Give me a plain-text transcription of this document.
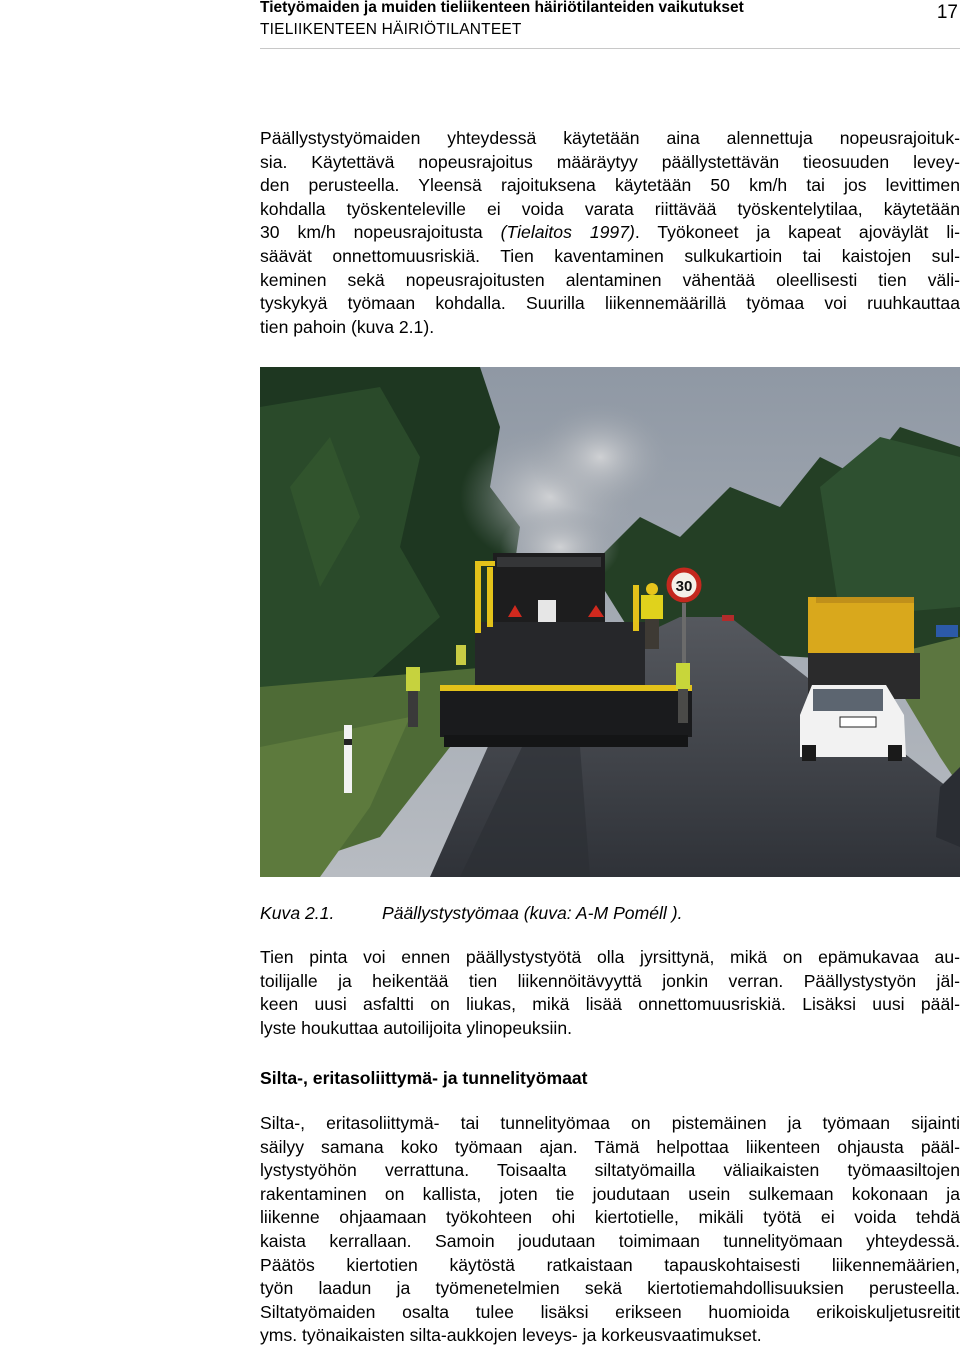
Tietyömaiden ja muiden tieliikenteen häiriötilanteiden vaikutukset
TIELIIKENTEEN HÄIRIÖTILANTEET
17
Päällystystyömaiden yhteydessä käytetään aina alennettuja nopeusrajoituk-
sia. Käytettävä nopeusrajoitus määräytyy päällystettävän tieosuuden levey-
den perusteella. Yleensä rajoituksena käytetään 50 km/h tai jos levittimen
kohdalla työskenteleville ei voida varata riittävää työskentelytilaa, käytetään
30 km/h nopeusrajoitusta (Tielaitos 1997). Työkoneet ja kapeat ajoväylät li-
säävät onnettomuusriskiä. Tien kaventaminen sulkukartioin tai kaistojen sul-
keminen sekä nopeusrajoitusten alentaminen vähentää oleellisesti tien väli-
tyskykyä työmaan kohdalla. Suurilla liikennemäärillä työmaa voi ruuhkauttaa
tien pahoin (kuva 2.1).
30
Kuva 2.1.	Päällystystyömaa (kuva: A-M Poméll ).
Tien pinta voi ennen päällystystyötä olla jyrsittynä, mikä on epämukavaa au-
toilijalle ja heikentää tien liikennöitävyyttä jonkin verran. Päällystystyön jäl-
keen uusi asfaltti on liukas, mikä lisää onnettomuusriskiä. Lisäksi uusi pääl-
lyste houkuttaa autoilijoita ylinopeuksiin.
Silta-, eritasoliittymä- ja tunnelityömaat
Silta-, eritasoliittymä- tai tunnelityömaa on pistemäinen ja työmaan sijainti
säilyy samana koko työmaan ajan. Tämä helpottaa liikenteen ohjausta pääl-
lystystyöhön verrattuna. Toisaalta siltatyömailla väliaikaisten työmaasiltojen
rakentaminen on kallista, joten tie joudutaan usein sulkemaan kokonaan ja
liikenne ohjaamaan työkohteen ohi kiertotielle, mikäli työtä ei voida tehdä
kaista kerrallaan. Samoin joudutaan toimimaan tunnelityömaan yhteydessä.
Päätös kiertotien käytöstä ratkaistaan tapauskohtaisesti liikennemäärien,
työn laadun ja työmenetelmien sekä kiertotiemahdollisuuksien perusteella.
Siltatyömaiden osalta tulee lisäksi erikseen huomioida erikoiskuljetusreitit
yms. työnaikaisten silta-aukkojen leveys- ja korkeusvaatimukset.
